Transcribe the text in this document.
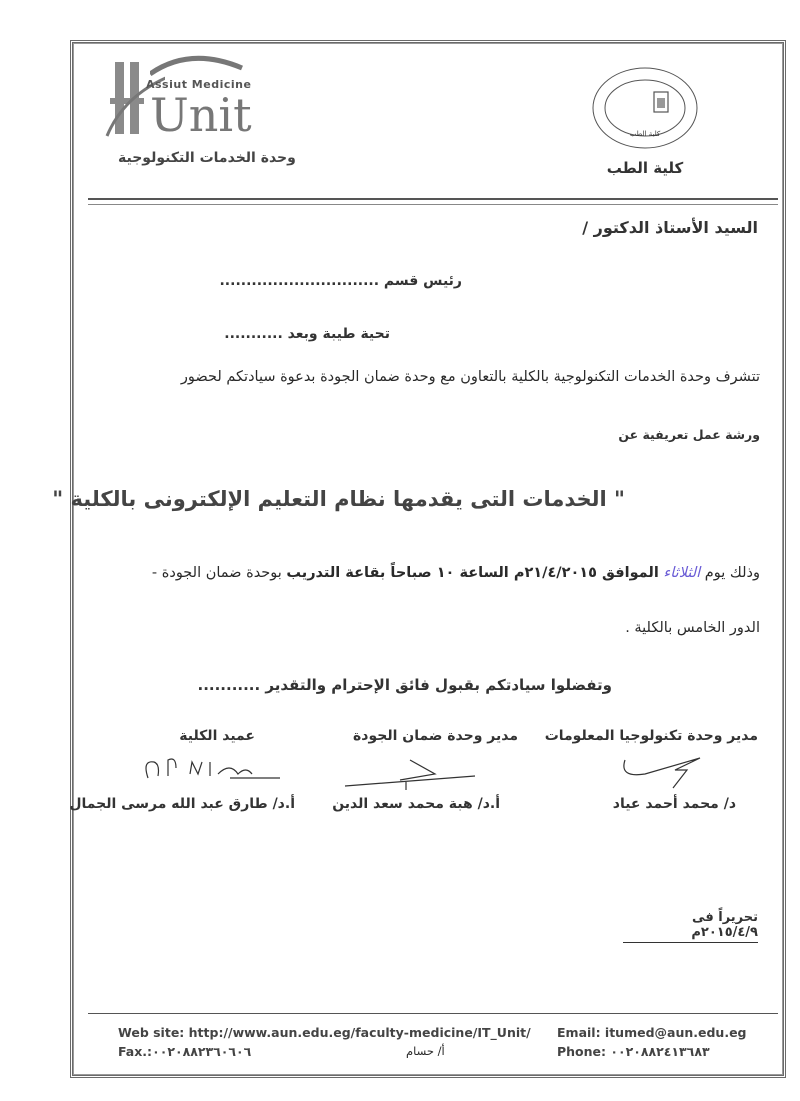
Assiut Medicine
Unit
وحدة الخدمات التكنولوجية
كلية الطب
كلية الطب
السيد الأستاذ الدكتور /
رئيس قسم ..............................
تحية طيبة وبعد ...........
تتشرف وحدة الخدمات التكنولوجية بالكلية بالتعاون مع وحدة ضمان الجودة بدعوة سيادتكم لحضور
ورشة عمل تعريفية عن
" الخدمات التى يقدمها نظام التعليم الإلكترونى بالكلية "
وذلك يوم الثلاثاء الموافق ٢١/٤/٢٠١٥م الساعة ١٠ صباحاً بقاعة التدريب بوحدة ضمان الجودة -
الدور الخامس بالكلية .
وتفضلوا سيادتكم بقبول فائق الإحترام والتقدير ...........
مدير وحدة تكنولوجيا المعلومات
مدير وحدة ضمان الجودة
عميد الكلية
د/ محمد أحمد عياد
أ.د/ هبة محمد سعد الدين
أ.د/ طارق عبد الله مرسى الجمال
تحريراً فى ٢٠١٥/٤/٩م
Web site: http://www.aun.edu.eg/faculty-medicine/IT_Unit/
Fax.:٠٠٢٠٨٨٢٣٦٠٦٠٦	أ/ حسام
Email: itumed@aun.edu.eg
Phone: ٠٠٢٠٨٨٢٤١٣٦٨٣
